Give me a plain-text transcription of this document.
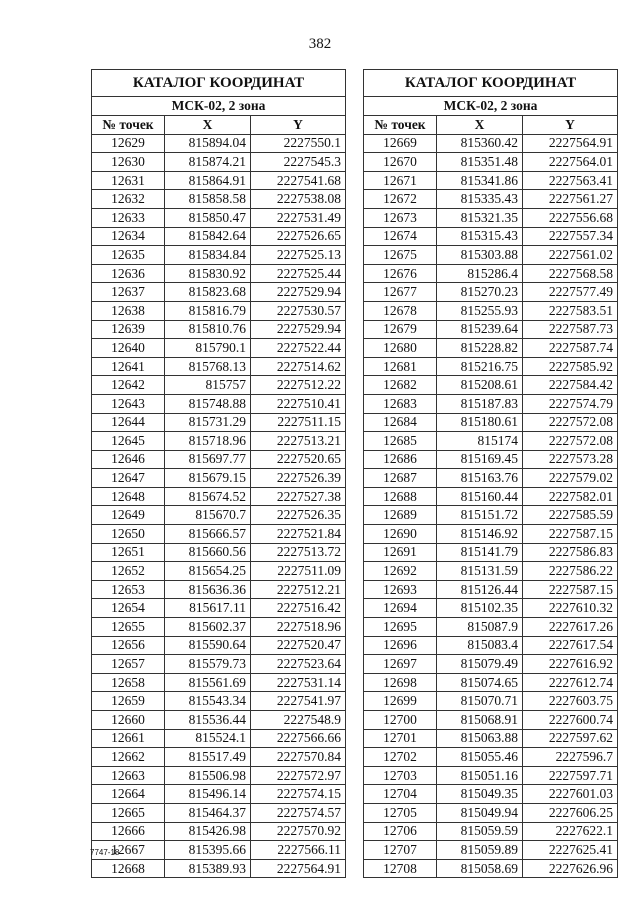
382
КАТАЛОГ КООРДИНАТ		
МСК-02, 2 зона		
№ точек	X	Y
12629	815894.04	2227550.1
12630	815874.21	2227545.3
12631	815864.91	2227541.68
12632	815858.58	2227538.08
12633	815850.47	2227531.49
12634	815842.64	2227526.65
12635	815834.84	2227525.13
12636	815830.92	2227525.44
12637	815823.68	2227529.94
12638	815816.79	2227530.57
12639	815810.76	2227529.94
12640	815790.1	2227522.44
12641	815768.13	2227514.62
12642	815757	2227512.22
12643	815748.88	2227510.41
12644	815731.29	2227511.15
12645	815718.96	2227513.21
12646	815697.77	2227520.65
12647	815679.15	2227526.39
12648	815674.52	2227527.38
12649	815670.7	2227526.35
12650	815666.57	2227521.84
12651	815660.56	2227513.72
12652	815654.25	2227511.09
12653	815636.36	2227512.21
12654	815617.11	2227516.42
12655	815602.37	2227518.96
12656	815590.64	2227520.47
12657	815579.73	2227523.64
12658	815561.69	2227531.14
12659	815543.34	2227541.97
12660	815536.44	2227548.9
12661	815524.1	2227566.66
12662	815517.49	2227570.84
12663	815506.98	2227572.97
12664	815496.14	2227574.15
12665	815464.37	2227574.57
12666	815426.98	2227570.92
12667	815395.66	2227566.11
12668	815389.93	2227564.91
КАТАЛОГ КООРДИНАТ		
МСК-02, 2 зона		
№ точек	X	Y
12669	815360.42	2227564.91
12670	815351.48	2227564.01
12671	815341.86	2227563.41
12672	815335.43	2227561.27
12673	815321.35	2227556.68
12674	815315.43	2227557.34
12675	815303.88	2227561.02
12676	815286.4	2227568.58
12677	815270.23	2227577.49
12678	815255.93	2227583.51
12679	815239.64	2227587.73
12680	815228.82	2227587.74
12681	815216.75	2227585.92
12682	815208.61	2227584.42
12683	815187.83	2227574.79
12684	815180.61	2227572.08
12685	815174	2227572.08
12686	815169.45	2227573.28
12687	815163.76	2227579.02
12688	815160.44	2227582.01
12689	815151.72	2227585.59
12690	815146.92	2227587.15
12691	815141.79	2227586.83
12692	815131.59	2227586.22
12693	815126.44	2227587.15
12694	815102.35	2227610.32
12695	815087.9	2227617.26
12696	815083.4	2227617.54
12697	815079.49	2227616.92
12698	815074.65	2227612.74
12699	815070.71	2227603.75
12700	815068.91	2227600.74
12701	815063.88	2227597.62
12702	815055.46	2227596.7
12703	815051.16	2227597.71
12704	815049.35	2227601.03
12705	815049.94	2227606.25
12706	815059.59	2227622.1
12707	815059.89	2227625.41
12708	815058.69	2227626.96
7747-18
